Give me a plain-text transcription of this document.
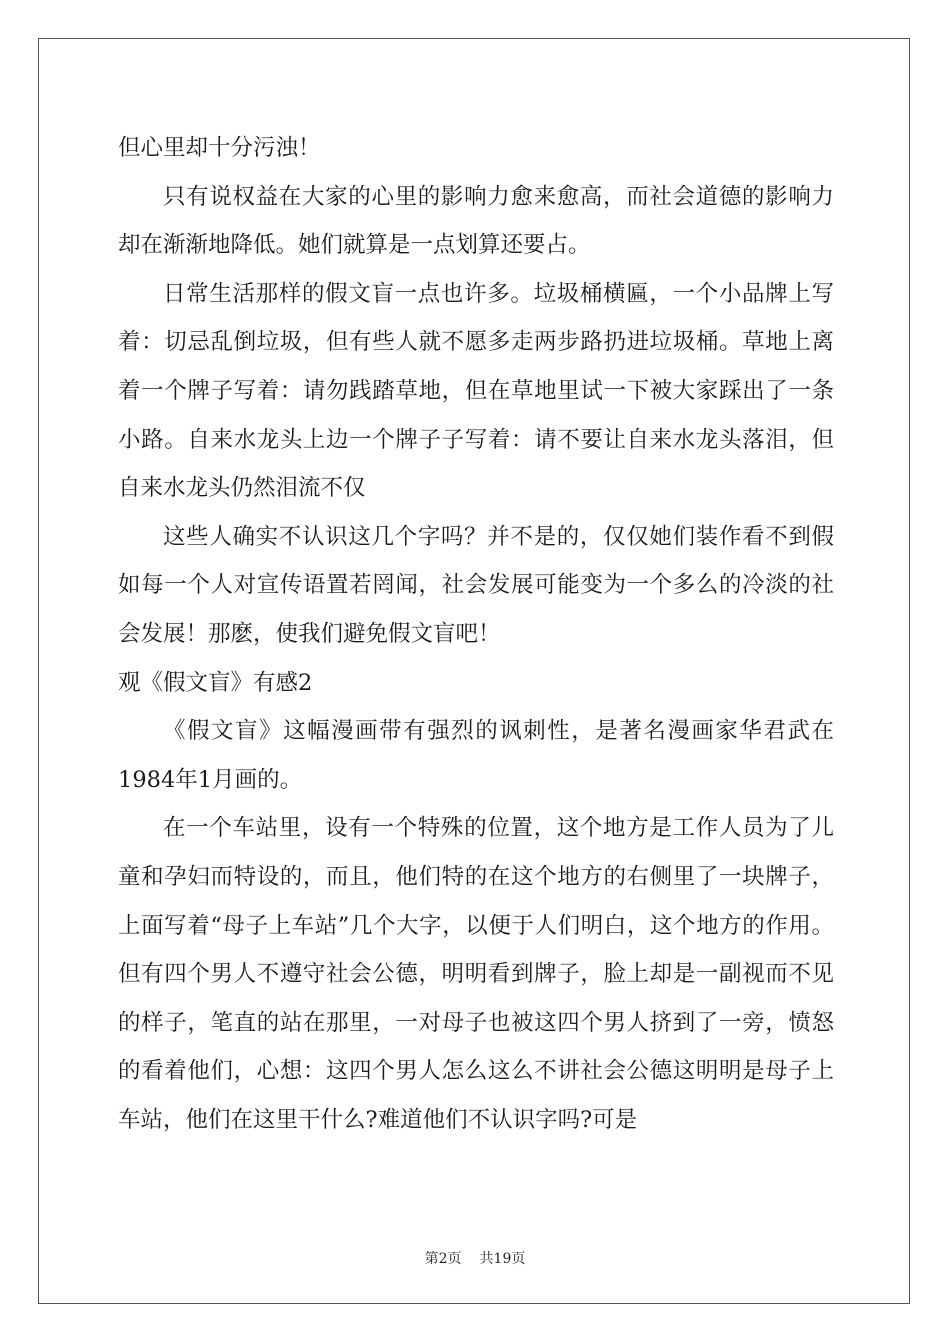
但心里却十分污浊！

只有说权益在大家的心里的影响力愈来愈高，而社会道德的影响力却在渐渐地降低。她们就算是一点划算还要占。

日常生活那样的假文盲一点也许多。垃圾桶横匾，一个小品牌上写着：切忌乱倒垃圾，但有些人就不愿多走两步路扔进垃圾桶。草地上离着一个牌子写着：请勿践踏草地，但在草地里试一下被大家踩出了一条小路。自来水龙头上边一个牌子子写着：请不要让自来水龙头落泪，但自来水龙头仍然泪流不仅

这些人确实不认识这几个字吗？并不是的，仅仅她们装作看不到假如每一个人对宣传语置若罔闻，社会发展可能变为一个多么的冷淡的社会发展！那麽，使我们避免假文盲吧！

观《假文盲》有感2

《假文盲》这幅漫画带有强烈的讽刺性，是著名漫画家华君武在1984年1月画的。

在一个车站里，设有一个特殊的位置，这个地方是工作人员为了儿童和孕妇而特设的，而且，他们特的在这个地方的右侧里了一块牌子，上面写着“母子上车站”几个大字，以便于人们明白，这个地方的作用。但有四个男人不遵守社会公德，明明看到牌子，脸上却是一副视而不见的样子，笔直的站在那里，一对母子也被这四个男人挤到了一旁，愤怒的看着他们，心想：这四个男人怎么这么不讲社会公德这明明是母子上车站，他们在这里干什么?难道他们不认识字吗?可是

第2页 共19页
